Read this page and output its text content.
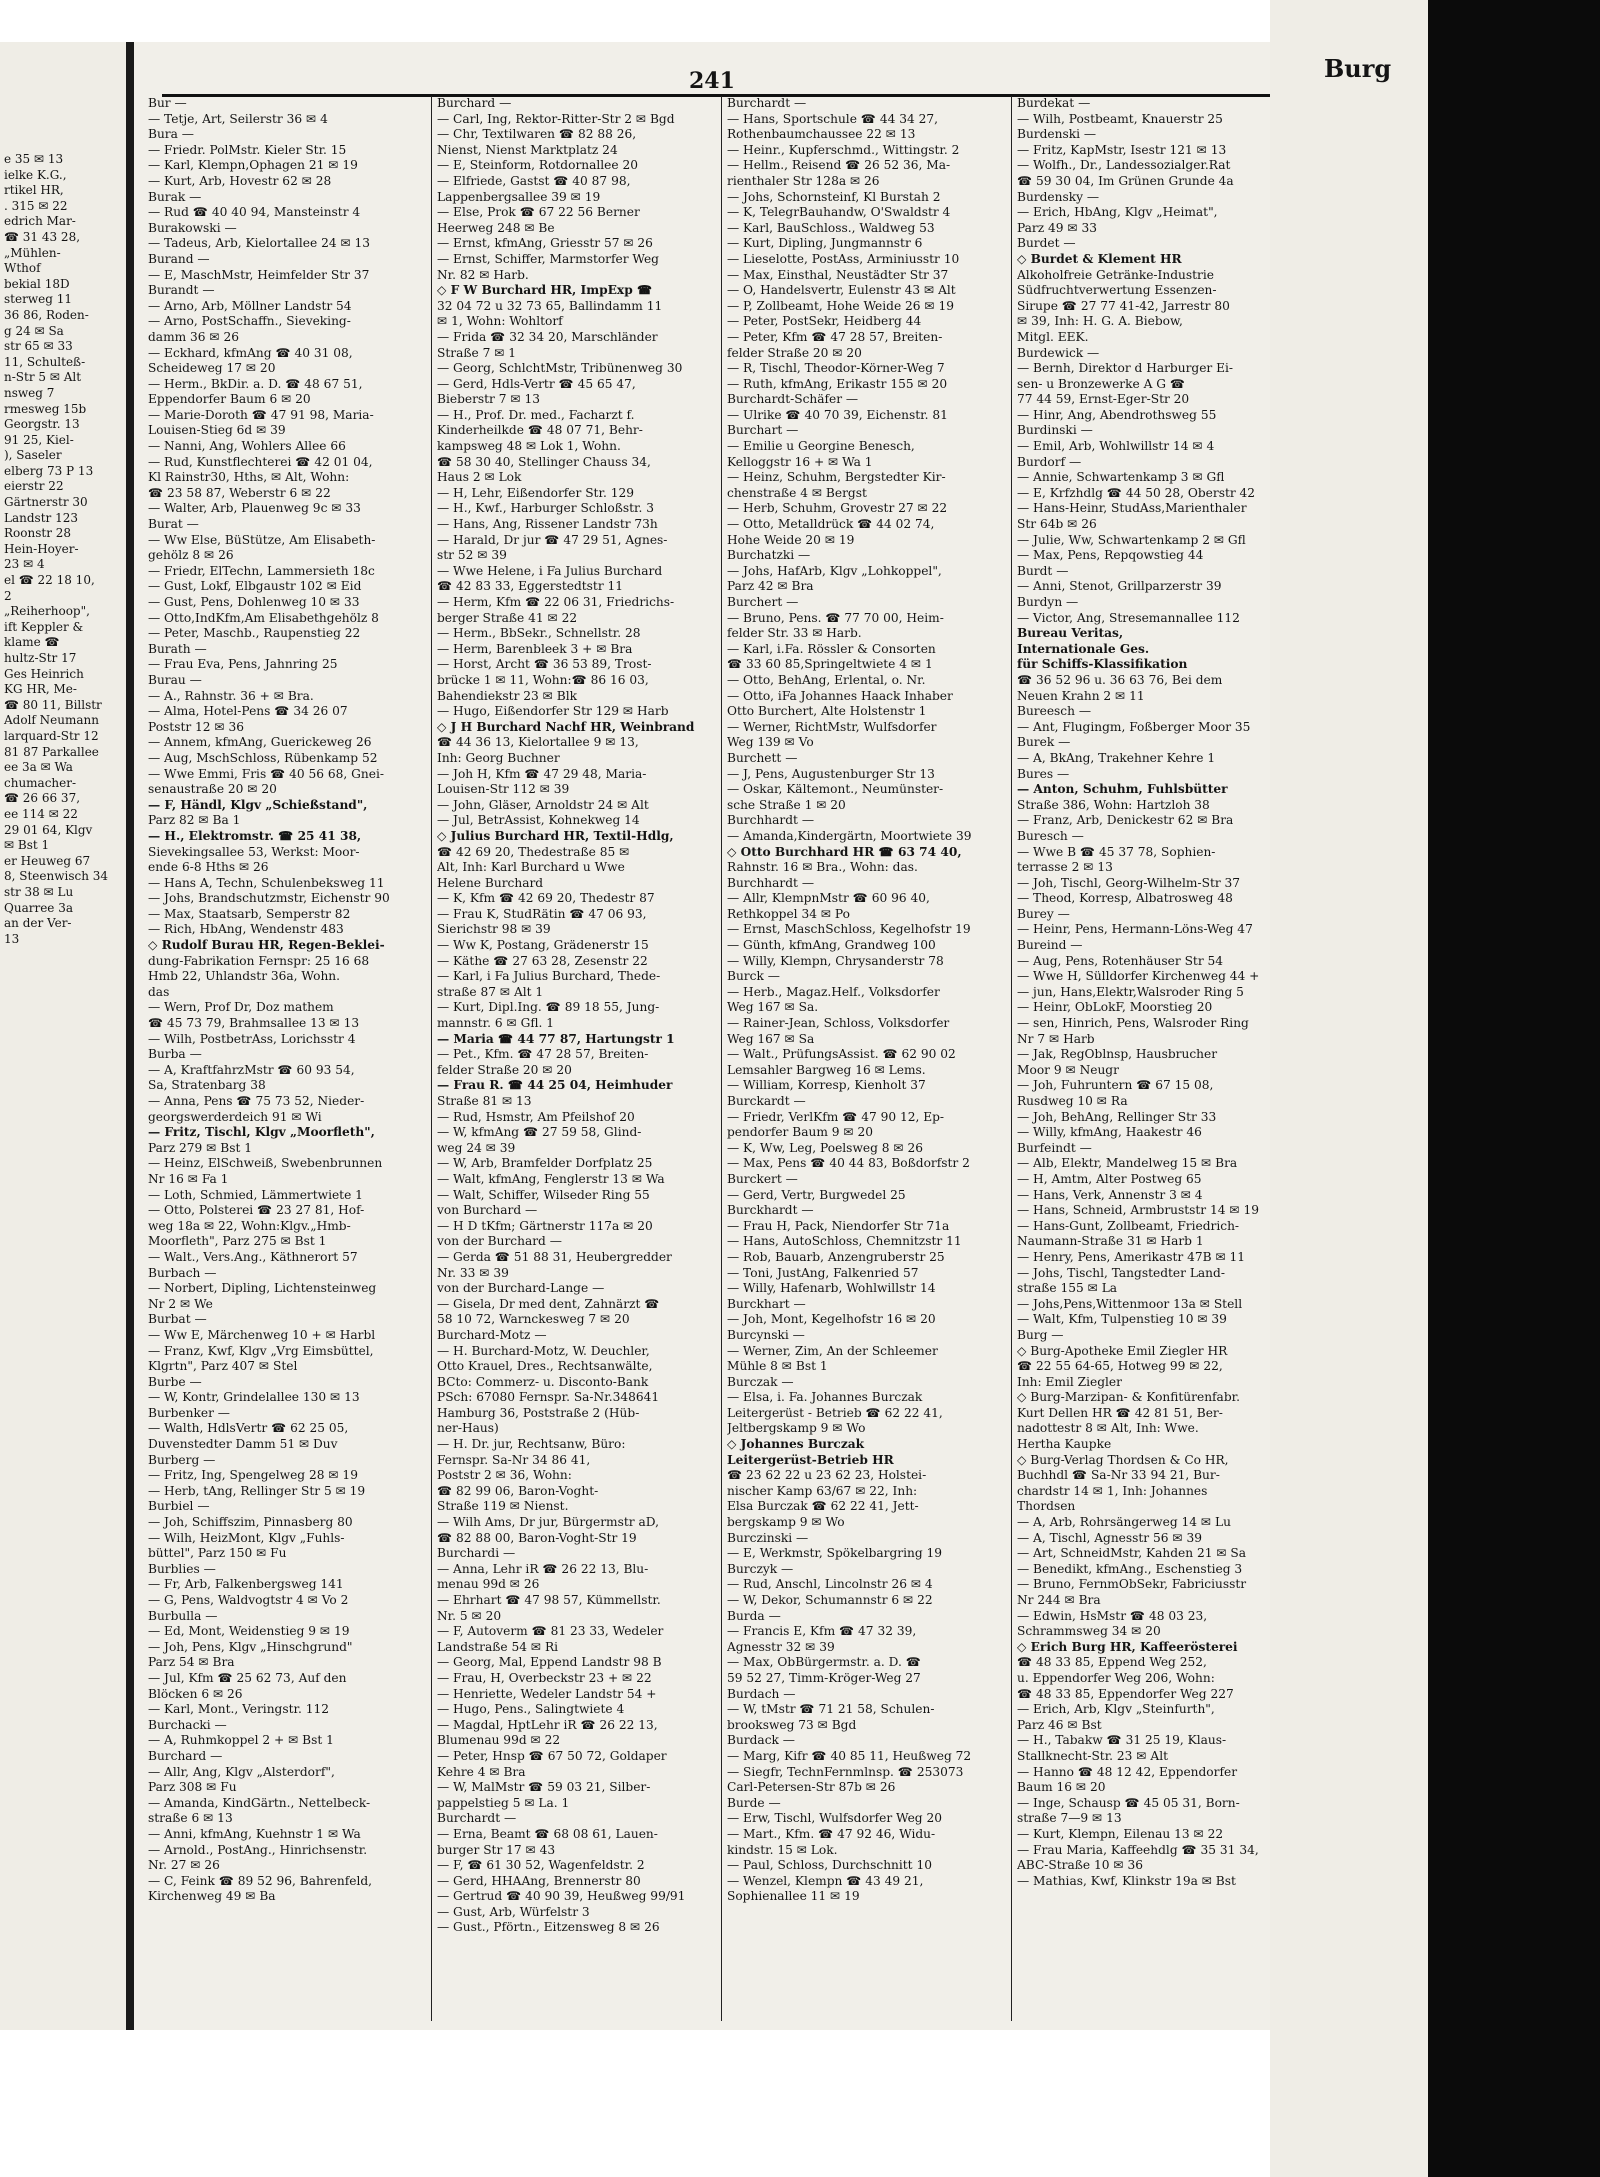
e 35 ✉ 13
ielke K.G.,
rtikel HR,
. 315 ✉ 22
edrich Mar-
☎ 31 43 28,
„Mühlen-
Wthof
bekial 18D
sterweg 11
36 86, Roden-
g 24 ✉ Sa
str 65 ✉ 33
11, Schulteß-
n-Str 5 ✉ Alt
nsweg 7
rmesweg 15b
Georgstr. 13
91 25, Kiel-
), Saseler
elberg 73 P 13
eierstr 22
Gärtnerstr 30
Landstr 123
Roonstr 28
Hein-Hoyer-
23 ✉ 4
el ☎ 22 18 10,
2
„Reiherhoop",
ift Keppler &
klame ☎
hultz-Str 17
Ges Heinrich
KG HR, Me-
☎ 80 11, Billstr
Adolf Neumann
larquard-Str 12
81 87 Parkallee
ee 3a ✉ Wa
chumacher-
☎ 26 66 37,
ee 114 ✉ 22
29 01 64, Klgv
✉ Bst 1
er Heuweg 67
8, Steenwisch 34
str 38 ✉ Lu
Quarree 3a
an der Ver-
13
241	Burg
Bur —
— Tetje, Art, Seilerstr 36 ✉ 4
Bura —
— Friedr. PolMstr. Kieler Str. 15
— Karl, Klempn,Ophagen 21 ✉ 19
— Kurt, Arb, Hovestr 62 ✉ 28
Burak —
— Rud ☎ 40 40 94, Mansteinstr 4
Burakowski —
— Tadeus, Arb, Kielortallee 24 ✉ 13
Burand —
— E, MaschMstr, Heimfelder Str 37
Burandt —
— Arno, Arb, Möllner Landstr 54
— Arno, PostSchaffn., Sieveking-
damm 36 ✉ 26
— Eckhard, kfmAng ☎ 40 31 08,
Scheideweg 17 ✉ 20
— Herm., BkDir. a. D. ☎ 48 67 51,
Eppendorfer Baum 6 ✉ 20
— Marie-Doroth ☎ 47 91 98, Maria-
Louisen-Stieg 6d ✉ 39
— Nanni, Ang, Wohlers Allee 66
— Rud, Kunstflechterei ☎ 42 01 04,
Kl Rainstr30, Hths, ✉ Alt, Wohn:
☎ 23 58 87, Weberstr 6 ✉ 22
— Walter, Arb, Plauenweg 9c ✉ 33
Burat —
— Ww Else, BüStütze, Am Elisabeth-
gehölz 8 ✉ 26
— Friedr, ElTechn, Lammersieth 18c
— Gust, Lokf, Elbgaustr 102 ✉ Eid
— Gust, Pens, Dohlenweg 10 ✉ 33
— Otto,IndKfm,Am Elisabethgehölz 8
— Peter, Maschb., Raupenstieg 22
Burath —
— Frau Eva, Pens, Jahnring 25
Burau —
— A., Rahnstr. 36 + ✉ Bra.
— Alma, Hotel-Pens ☎ 34 26 07
Poststr 12 ✉ 36
— Annem, kfmAng, Guerickeweg 26
— Aug, MschSchloss, Rübenkamp 52
— Wwe Emmi, Fris ☎ 40 56 68, Gnei-
senaustraße 20 ✉ 20
— F, Händl, Klgv „Schießstand",
Parz 82 ✉ Ba 1
— H., Elektromstr. ☎ 25 41 38,
Sievekingsallee 53, Werkst: Moor-
ende 6-8 Hths ✉ 26
— Hans A, Techn, Schulenbeksweg 11
— Johs, Brandschutzmstr, Eichenstr 90
— Max, Staatsarb, Semperstr 82
— Rich, HbAng, Wendenstr 483
◇ Rudolf Burau HR, Regen-Beklei-
dung-Fabrikation Fernspr: 25 16 68
Hmb 22, Uhlandstr 36a, Wohn.
das
— Wern, Prof Dr, Doz mathem
☎ 45 73 79, Brahmsallee 13 ✉ 13
— Wilh, PostbetrAss, Lorichsstr 4
Burba —
— A, KraftfahrzMstr ☎ 60 93 54,
Sa, Stratenbarg 38
— Anna, Pens ☎ 75 73 52, Nieder-
georgswerderdeich 91 ✉ Wi
— Fritz, Tischl, Klgv „Moorfleth",
Parz 279 ✉ Bst 1
— Heinz, ElSchweiß, Swebenbrunnen
Nr 16 ✉ Fa 1
— Loth, Schmied, Lämmertwiete 1
— Otto, Polsterei ☎ 23 27 81, Hof-
weg 18a ✉ 22, Wohn:Klgv.„Hmb-
Moorfleth", Parz 275 ✉ Bst 1
— Walt., Vers.Ang., Käthnerort 57
Burbach —
— Norbert, Dipling, Lichtensteinweg
Nr 2 ✉ We
Burbat —
— Ww E, Märchenweg 10 + ✉ Harbl
— Franz, Kwf, Klgv „Vrg Eimsbüttel,
Klgrtn", Parz 407 ✉ Stel
Burbe —
— W, Kontr, Grindelallee 130 ✉ 13
Burbenker —
— Walth, HdlsVertr ☎ 62 25 05,
Duvenstedter Damm 51 ✉ Duv
Burberg —
— Fritz, Ing, Spengelweg 28 ✉ 19
— Herb, tAng, Rellinger Str 5 ✉ 19
Burbiel —
— Joh, Schiffszim, Pinnasberg 80
— Wilh, HeizMont, Klgv „Fuhls-
büttel", Parz 150 ✉ Fu
Burblies —
— Fr, Arb, Falkenbergsweg 141
— G, Pens, Waldvogtstr 4 ✉ Vo 2
Burbulla —
— Ed, Mont, Weidenstieg 9 ✉ 19
— Joh, Pens, Klgv „Hinschgrund"
Parz 54 ✉ Bra
— Jul, Kfm ☎ 25 62 73, Auf den
Blöcken 6 ✉ 26
— Karl, Mont., Veringstr. 112
Burchacki —
— A, Ruhmkoppel 2 + ✉ Bst 1
Burchard —
— Allr, Ang, Klgv „Alsterdorf",
Parz 308 ✉ Fu
— Amanda, KindGärtn., Nettelbeck-
straße 6 ✉ 13
— Anni, kfmAng, Kuehnstr 1 ✉ Wa
— Arnold., PostAng., Hinrichsenstr.
Nr. 27 ✉ 26
— C, Feink ☎ 89 52 96, Bahrenfeld,
Kirchenweg 49 ✉ Ba
Burchard —
— Carl, Ing, Rektor-Ritter-Str 2 ✉ Bgd
— Chr, Textilwaren ☎ 82 88 26,
Nienst, Nienst Marktplatz 24
— E, Steinform, Rotdornallee 20
— Elfriede, Gastst ☎ 40 87 98,
Lappenbergsallee 39 ✉ 19
— Else, Prok ☎ 67 22 56 Berner
Heerweg 248 ✉ Be
— Ernst, kfmAng, Griesstr 57 ✉ 26
— Ernst, Schiffer, Marmstorfer Weg
Nr. 82 ✉ Harb.
◇ F W Burchard HR, ImpExp ☎
32 04 72 u 32 73 65, Ballindamm 11
✉ 1, Wohn: Wohltorf
— Frida ☎ 32 34 20, Marschländer
Straße 7 ✉ 1
— Georg, SchlchtMstr, Tribünenweg 30
— Gerd, Hdls-Vertr ☎ 45 65 47,
Bieberstr 7 ✉ 13
— H., Prof. Dr. med., Facharzt f.
Kinderheilkde ☎ 48 07 71, Behr-
kampsweg 48 ✉ Lok 1, Wohn.
☎ 58 30 40, Stellinger Chauss 34,
Haus 2 ✉ Lok
— H, Lehr, Eißendorfer Str. 129
— H., Kwf., Harburger Schloßstr. 3
— Hans, Ang, Rissener Landstr 73h
— Harald, Dr jur ☎ 47 29 51, Agnes-
str 52 ✉ 39
— Wwe Helene, i Fa Julius Burchard
☎ 42 83 33, Eggerstedtstr 11
— Herm, Kfm ☎ 22 06 31, Friedrichs-
berger Straße 41 ✉ 22
— Herm., BbSekr., Schnellstr. 28
— Herm, Barenbleek 3 + ✉ Bra
— Horst, Archt ☎ 36 53 89, Trost-
brücke 1 ✉ 11, Wohn:☎ 86 16 03,
Bahendiekstr 23 ✉ Blk
— Hugo, Eißendorfer Str 129 ✉ Harb
◇ J H Burchard Nachf HR, Weinbrand
☎ 44 36 13, Kielortallee 9 ✉ 13,
Inh: Georg Buchner
— Joh H, Kfm ☎ 47 29 48, Maria-
Louisen-Str 112 ✉ 39
— John, Gläser, Arnoldstr 24 ✉ Alt
— Jul, BetrAssist, Kohnekweg 14
◇ Julius Burchard HR, Textil-Hdlg,
☎ 42 69 20, Thedestraße 85 ✉
Alt, Inh: Karl Burchard u Wwe
Helene Burchard
— K, Kfm ☎ 42 69 20, Thedestr 87
— Frau K, StudRätin ☎ 47 06 93,
Sierichstr 98 ✉ 39
— Ww K, Postang, Grädenerstr 15
— Käthe ☎ 27 63 28, Zesenstr 22
— Karl, i Fa Julius Burchard, Thede-
straße 87 ✉ Alt 1
— Kurt, Dipl.Ing. ☎ 89 18 55, Jung-
mannstr. 6 ✉ Gfl. 1
— Maria ☎ 44 77 87, Hartungstr 1
— Pet., Kfm. ☎ 47 28 57, Breiten-
felder Straße 20 ✉ 20
— Frau R. ☎ 44 25 04, Heimhuder
Straße 81 ✉ 13
— Rud, Hsmstr, Am Pfeilshof 20
— W, kfmAng ☎ 27 59 58, Glind-
weg 24 ✉ 39
— W, Arb, Bramfelder Dorfplatz 25
— Walt, kfmAng, Fenglerstr 13 ✉ Wa
— Walt, Schiffer, Wilseder Ring 55
von Burchard —
— H D tKfm; Gärtnerstr 117a ✉ 20
von der Burchard —
— Gerda ☎ 51 88 31, Heubergredder
Nr. 33 ✉ 39
von der Burchard-Lange —
— Gisela, Dr med dent, Zahnärzt ☎
58 10 72, Warnckesweg 7 ✉ 20
Burchard-Motz —
— H. Burchard-Motz, W. Deuchler,
Otto Krauel, Dres., Rechtsanwälte,
BCto: Commerz- u. Disconto-Bank
PSch: 67080 Fernspr. Sa-Nr.348641
Hamburg 36, Poststraße 2 (Hüb-
ner-Haus)
— H. Dr. jur, Rechtsanw, Büro:
Fernspr. Sa-Nr 34 86 41,
Poststr 2 ✉ 36, Wohn:
☎ 82 99 06, Baron-Voght-
Straße 119 ✉ Nienst.
— Wilh Ams, Dr jur, Bürgermstr aD,
☎ 82 88 00, Baron-Voght-Str 19
Burchardi —
— Anna, Lehr iR ☎ 26 22 13, Blu-
menau 99d ✉ 26
— Ehrhart ☎ 47 98 57, Kümmellstr.
Nr. 5 ✉ 20
— F, Autoverm ☎ 81 23 33, Wedeler
Landstraße 54 ✉ Ri
— Georg, Mal, Eppend Landstr 98 B
— Frau, H, Overbeckstr 23 + ✉ 22
— Henriette, Wedeler Landstr 54 +
— Hugo, Pens., Salingtwiete 4
— Magdal, HptLehr iR ☎ 26 22 13,
Blumenau 99d ✉ 22
— Peter, Hnsp ☎ 67 50 72, Goldaper
Kehre 4 ✉ Bra
— W, MalMstr ☎ 59 03 21, Silber-
pappelstieg 5 ✉ La. 1
Burchardt —
— Erna, Beamt ☎ 68 08 61, Lauen-
burger Str 17 ✉ 43
— F, ☎ 61 30 52, Wagenfeldstr. 2
— Gerd, HHAAng, Brennerstr 80
— Gertrud ☎ 40 90 39, Heußweg 99/91
— Gust, Arb, Würfelstr 3
— Gust., Pförtn., Eitzensweg 8 ✉ 26
Burchardt —
— Hans, Sportschule ☎ 44 34 27,
Rothenbaumchaussee 22 ✉ 13
— Heinr., Kupferschmd., Wittingstr. 2
— Hellm., Reisend ☎ 26 52 36, Ma-
rienthaler Str 128a ✉ 26
— Johs, Schornsteinf, Kl Burstah 2
— K, TelegrBauhandw, O'Swaldstr 4
— Karl, BauSchloss., Waldweg 53
— Kurt, Dipling, Jungmannstr 6
— Lieselotte, PostAss, Arminiusstr 10
— Max, Einsthal, Neustädter Str 37
— O, Handelsvertr, Eulenstr 43 ✉ Alt
— P, Zollbeamt, Hohe Weide 26 ✉ 19
— Peter, PostSekr, Heidberg 44
— Peter, Kfm ☎ 47 28 57, Breiten-
felder Straße 20 ✉ 20
— R, Tischl, Theodor-Körner-Weg 7
— Ruth, kfmAng, Erikastr 155 ✉ 20
Burchardt-Schäfer —
— Ulrike ☎ 40 70 39, Eichenstr. 81
Burchart —
— Emilie u Georgine Benesch,
Kelloggstr 16 + ✉ Wa 1
— Heinz, Schuhm, Bergstedter Kir-
chenstraße 4 ✉ Bergst
— Herb, Schuhm, Grovestr 27 ✉ 22
— Otto, Metalldrück ☎ 44 02 74,
Hohe Weide 20 ✉ 19
Burchatzki —
— Johs, HafArb, Klgv „Lohkoppel",
Parz 42 ✉ Bra
Burchert —
— Bruno, Pens. ☎ 77 70 00, Heim-
felder Str. 33 ✉ Harb.
— Karl, i.Fa. Rössler & Consorten
☎ 33 60 85,Springeltwiete 4 ✉ 1
— Otto, BehAng, Erlental, o. Nr.
— Otto, iFa Johannes Haack Inhaber
Otto Burchert, Alte Holstenstr 1
— Werner, RichtMstr, Wulfsdorfer
Weg 139 ✉ Vo
Burchett —
— J, Pens, Augustenburger Str 13
— Oskar, Kältemont., Neumünster-
sche Straße 1 ✉ 20
Burchhardt —
— Amanda,Kindergärtn, Moortwiete 39
◇ Otto Burchhard HR ☎ 63 74 40,
Rahnstr. 16 ✉ Bra., Wohn: das.
Burchhardt —
— Allr, KlempnMstr ☎ 60 96 40,
Rethkoppel 34 ✉ Po
— Ernst, MaschSchloss, Kegelhofstr 19
— Günth, kfmAng, Grandweg 100
— Willy, Klempn, Chrysanderstr 78
Burck —
— Herb., Magaz.Helf., Volksdorfer
Weg 167 ✉ Sa.
— Rainer-Jean, Schloss, Volksdorfer
Weg 167 ✉ Sa
— Walt., PrüfungsAssist. ☎ 62 90 02
Lemsahler Bargweg 16 ✉ Lems.
— William, Korresp, Kienholt 37
Burckardt —
— Friedr, VerlKfm ☎ 47 90 12, Ep-
pendorfer Baum 9 ✉ 20
— K, Ww, Leg, Poelsweg 8 ✉ 26
— Max, Pens ☎ 40 44 83, Boßdorfstr 2
Burckert —
— Gerd, Vertr, Burgwedel 25
Burckhardt —
— Frau H, Pack, Niendorfer Str 71a
— Hans, AutoSchloss, Chemnitzstr 11
— Rob, Bauarb, Anzengruberstr 25
— Toni, JustAng, Falkenried 57
— Willy, Hafenarb, Wohlwillstr 14
Burckhart —
— Joh, Mont, Kegelhofstr 16 ✉ 20
Burcynski —
— Werner, Zim, An der Schleemer
Mühle 8 ✉ Bst 1
Burczak —
— Elsa, i. Fa. Johannes Burczak
Leitergerüst - Betrieb ☎ 62 22 41,
Jeltbergskamp 9 ✉ Wo
◇ Johannes Burczak
Leitergerüst-Betrieb HR
☎ 23 62 22 u 23 62 23, Holstei-
nischer Kamp 63/67 ✉ 22, Inh:
Elsa Burczak ☎ 62 22 41, Jett-
bergskamp 9 ✉ Wo
Burczinski —
— E, Werkmstr, Spökelbargring 19
Burczyk —
— Rud, Anschl, Lincolnstr 26 ✉ 4
— W, Dekor, Schumannstr 6 ✉ 22
Burda —
— Francis E, Kfm ☎ 47 32 39,
Agnesstr 32 ✉ 39
— Max, ObBürgermstr. a. D. ☎
59 52 27, Timm-Kröger-Weg 27
Burdach —
— W, tMstr ☎ 71 21 58, Schulen-
brooksweg 73 ✉ Bgd
Burdack —
— Marg, Kifr ☎ 40 85 11, Heußweg 72
— Siegfr, TechnFernmlnsp. ☎ 253073
Carl-Petersen-Str 87b ✉ 26
Burde —
— Erw, Tischl, Wulfsdorfer Weg 20
— Mart., Kfm. ☎ 47 92 46, Widu-
kindstr. 15 ✉ Lok.
— Paul, Schloss, Durchschnitt 10
— Wenzel, Klempn ☎ 43 49 21,
Sophienallee 11 ✉ 19
Burdekat —
— Wilh, Postbeamt, Knauerstr 25
Burdenski —
— Fritz, KapMstr, Isestr 121 ✉ 13
— Wolfh., Dr., Landessozialger.Rat
☎ 59 30 04, Im Grünen Grunde 4a
Burdensky —
— Erich, HbAng, Klgv „Heimat",
Parz 49 ✉ 33
Burdet —
◇ Burdet & Klement HR
Alkoholfreie Getränke-Industrie
Südfruchtverwertung Essenzen-
Sirupe ☎ 27 77 41-42, Jarrestr 80
✉ 39, Inh: H. G. A. Biebow,
Mitgl. EEK.
Burdewick —
— Bernh, Direktor d Harburger Ei-
sen- u Bronzewerke A G ☎
77 44 59, Ernst-Eger-Str 20
— Hinr, Ang, Abendrothsweg 55
Burdinski —
— Emil, Arb, Wohlwillstr 14 ✉ 4
Burdorf —
— Annie, Schwartenkamp 3 ✉ Gfl
— E, Krfzhdlg ☎ 44 50 28, Oberstr 42
— Hans-Heinr, StudAss,Marienthaler
Str 64b ✉ 26
— Julie, Ww, Schwartenkamp 2 ✉ Gfl
— Max, Pens, Repqowstieg 44
Burdt —
— Anni, Stenot, Grillparzerstr 39
Burdyn —
— Victor, Ang, Stresemannallee 112
Bureau Veritas,
Internationale Ges.
für Schiffs-Klassifikation
☎ 36 52 96 u. 36 63 76, Bei dem
Neuen Krahn 2 ✉ 11
Bureesch —
— Ant, Flugingm, Foßberger Moor 35
Burek —
— A, BkAng, Trakehner Kehre 1
Bures —
— Anton, Schuhm, Fuhlsbütter
Straße 386, Wohn: Hartzloh 38
— Franz, Arb, Denickestr 62 ✉ Bra
Buresch —
— Wwe B ☎ 45 37 78, Sophien-
terrasse 2 ✉ 13
— Joh, Tischl, Georg-Wilhelm-Str 37
— Theod, Korresp, Albatrosweg 48
Burey —
— Heinr, Pens, Hermann-Löns-Weg 47
Bureind —
— Aug, Pens, Rotenhäuser Str 54
— Wwe H, Sülldorfer Kirchenweg 44 +
— jun, Hans,Elektr,Walsroder Ring 5
— Heinr, ObLokF, Moorstieg 20
— sen, Hinrich, Pens, Walsroder Ring
Nr 7 ✉ Harb
— Jak, RegOblnsp, Hausbrucher
Moor 9 ✉ Neugr
— Joh, Fuhruntern ☎ 67 15 08,
Rusdweg 10 ✉ Ra
— Joh, BehAng, Rellinger Str 33
— Willy, kfmAng, Haakestr 46
Burfeindt —
— Alb, Elektr, Mandelweg 15 ✉ Bra
— H, Amtm, Alter Postweg 65
— Hans, Verk, Annenstr 3 ✉ 4
— Hans, Schneid, Armbruststr 14 ✉ 19
— Hans-Gunt, Zollbeamt, Friedrich-
Naumann-Straße 31 ✉ Harb 1
— Henry, Pens, Amerikastr 47B ✉ 11
— Johs, Tischl, Tangstedter Land-
straße 155 ✉ La
— Johs,Pens,Wittenmoor 13a ✉ Stell
— Walt, Kfm, Tulpenstieg 10 ✉ 39
Burg —
◇ Burg-Apotheke Emil Ziegler HR
☎ 22 55 64-65, Hotweg 99 ✉ 22,
Inh: Emil Ziegler
◇ Burg-Marzipan- & Konfitürenfabr.
Kurt Dellen HR ☎ 42 81 51, Ber-
nadottestr 8 ✉ Alt, Inh: Wwe.
Hertha Kaupke
◇ Burg-Verlag Thordsen & Co HR,
Buchhdl ☎ Sa-Nr 33 94 21, Bur-
chardstr 14 ✉ 1, Inh: Johannes
Thordsen
— A, Arb, Rohrsängerweg 14 ✉ Lu
— A, Tischl, Agnesstr 56 ✉ 39
— Art, SchneidMstr, Kahden 21 ✉ Sa
— Benedikt, kfmAng., Eschenstieg 3
— Bruno, FernmObSekr, Fabriciusstr
Nr 244 ✉ Bra
— Edwin, HsMstr ☎ 48 03 23,
Schrammsweg 34 ✉ 20
◇ Erich Burg HR, Kaffeerösterei
☎ 48 33 85, Eppend Weg 252,
u. Eppendorfer Weg 206, Wohn:
☎ 48 33 85, Eppendorfer Weg 227
— Erich, Arb, Klgv „Steinfurth",
Parz 46 ✉ Bst
— H., Tabakw ☎ 31 25 19, Klaus-
Stallknecht-Str. 23 ✉ Alt
— Hanno ☎ 48 12 42, Eppendorfer
Baum 16 ✉ 20
— Inge, Schausp ☎ 45 05 31, Born-
straße 7—9 ✉ 13
— Kurt, Klempn, Eilenau 13 ✉ 22
— Frau Maria, Kaffeehdlg ☎ 35 31 34,
ABC-Straße 10 ✉ 36
— Mathias, Kwf, Klinkstr 19a ✉ Bst
